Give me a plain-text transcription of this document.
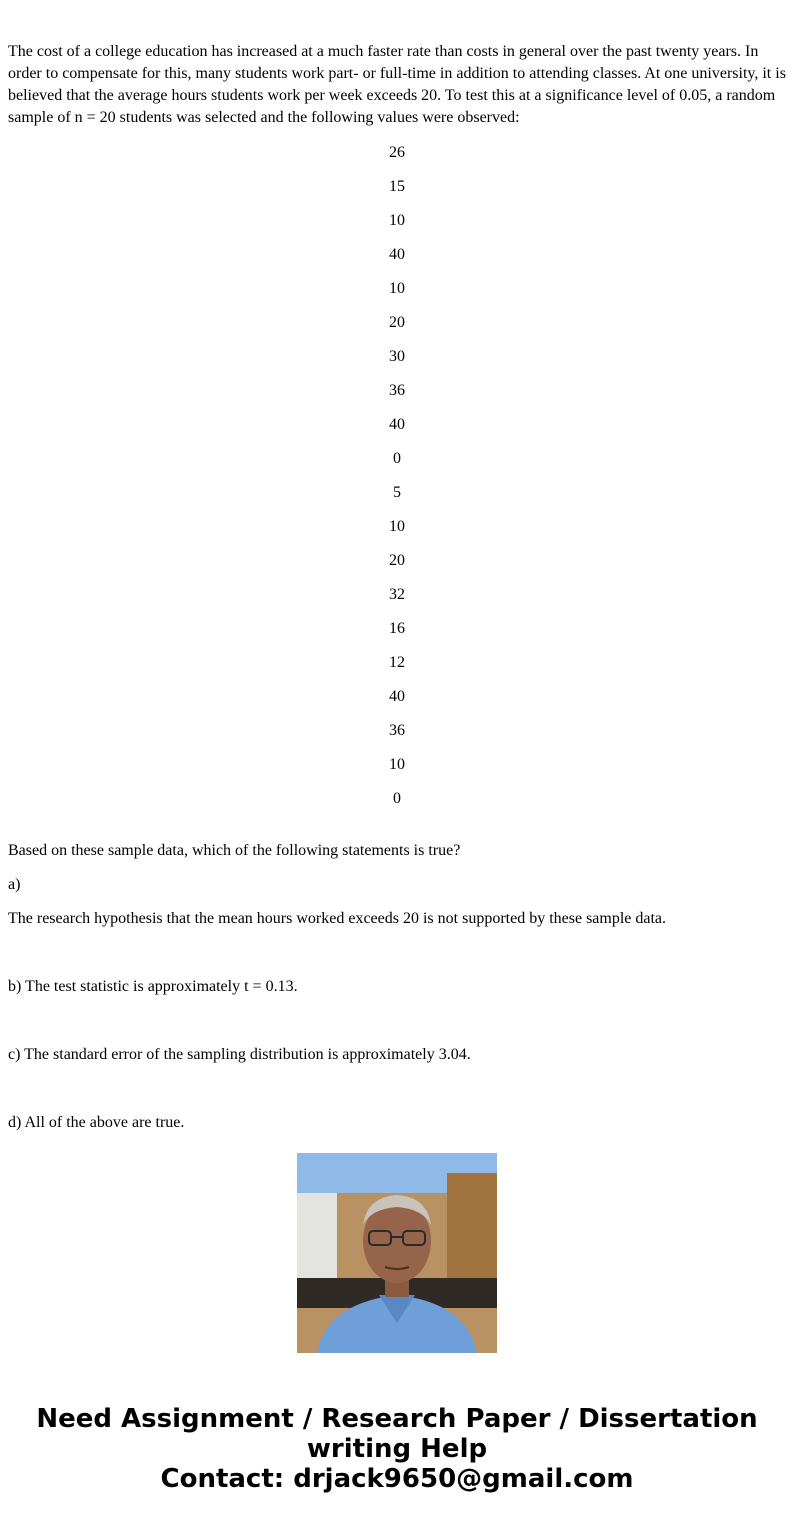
The cost of a college education has increased at a much faster rate than costs in general over the past twenty years. In order to compensate for this, many students work part- or full-time in addition to attending classes. At one university, it is believed that the average hours students work per week exceeds 20. To test this at a significance level of 0.05, a random sample of n = 20 students was selected and the following values were observed:

26
15
10
40
10
20
30
36
40
0
5
10
20
32
16
12
40
36
10
0

Based on these sample data, which of the following statements is true?

a)

The research hypothesis that the mean hours worked exceeds 20 is not supported by these sample data.

b) The test statistic is approximately t = 0.13.

c) The standard error of the sampling distribution is approximately 3.04.

d) All of the above are true.

Need Assignment / Research Paper / Dissertation
writing Help
Contact: drjack9650@gmail.com
